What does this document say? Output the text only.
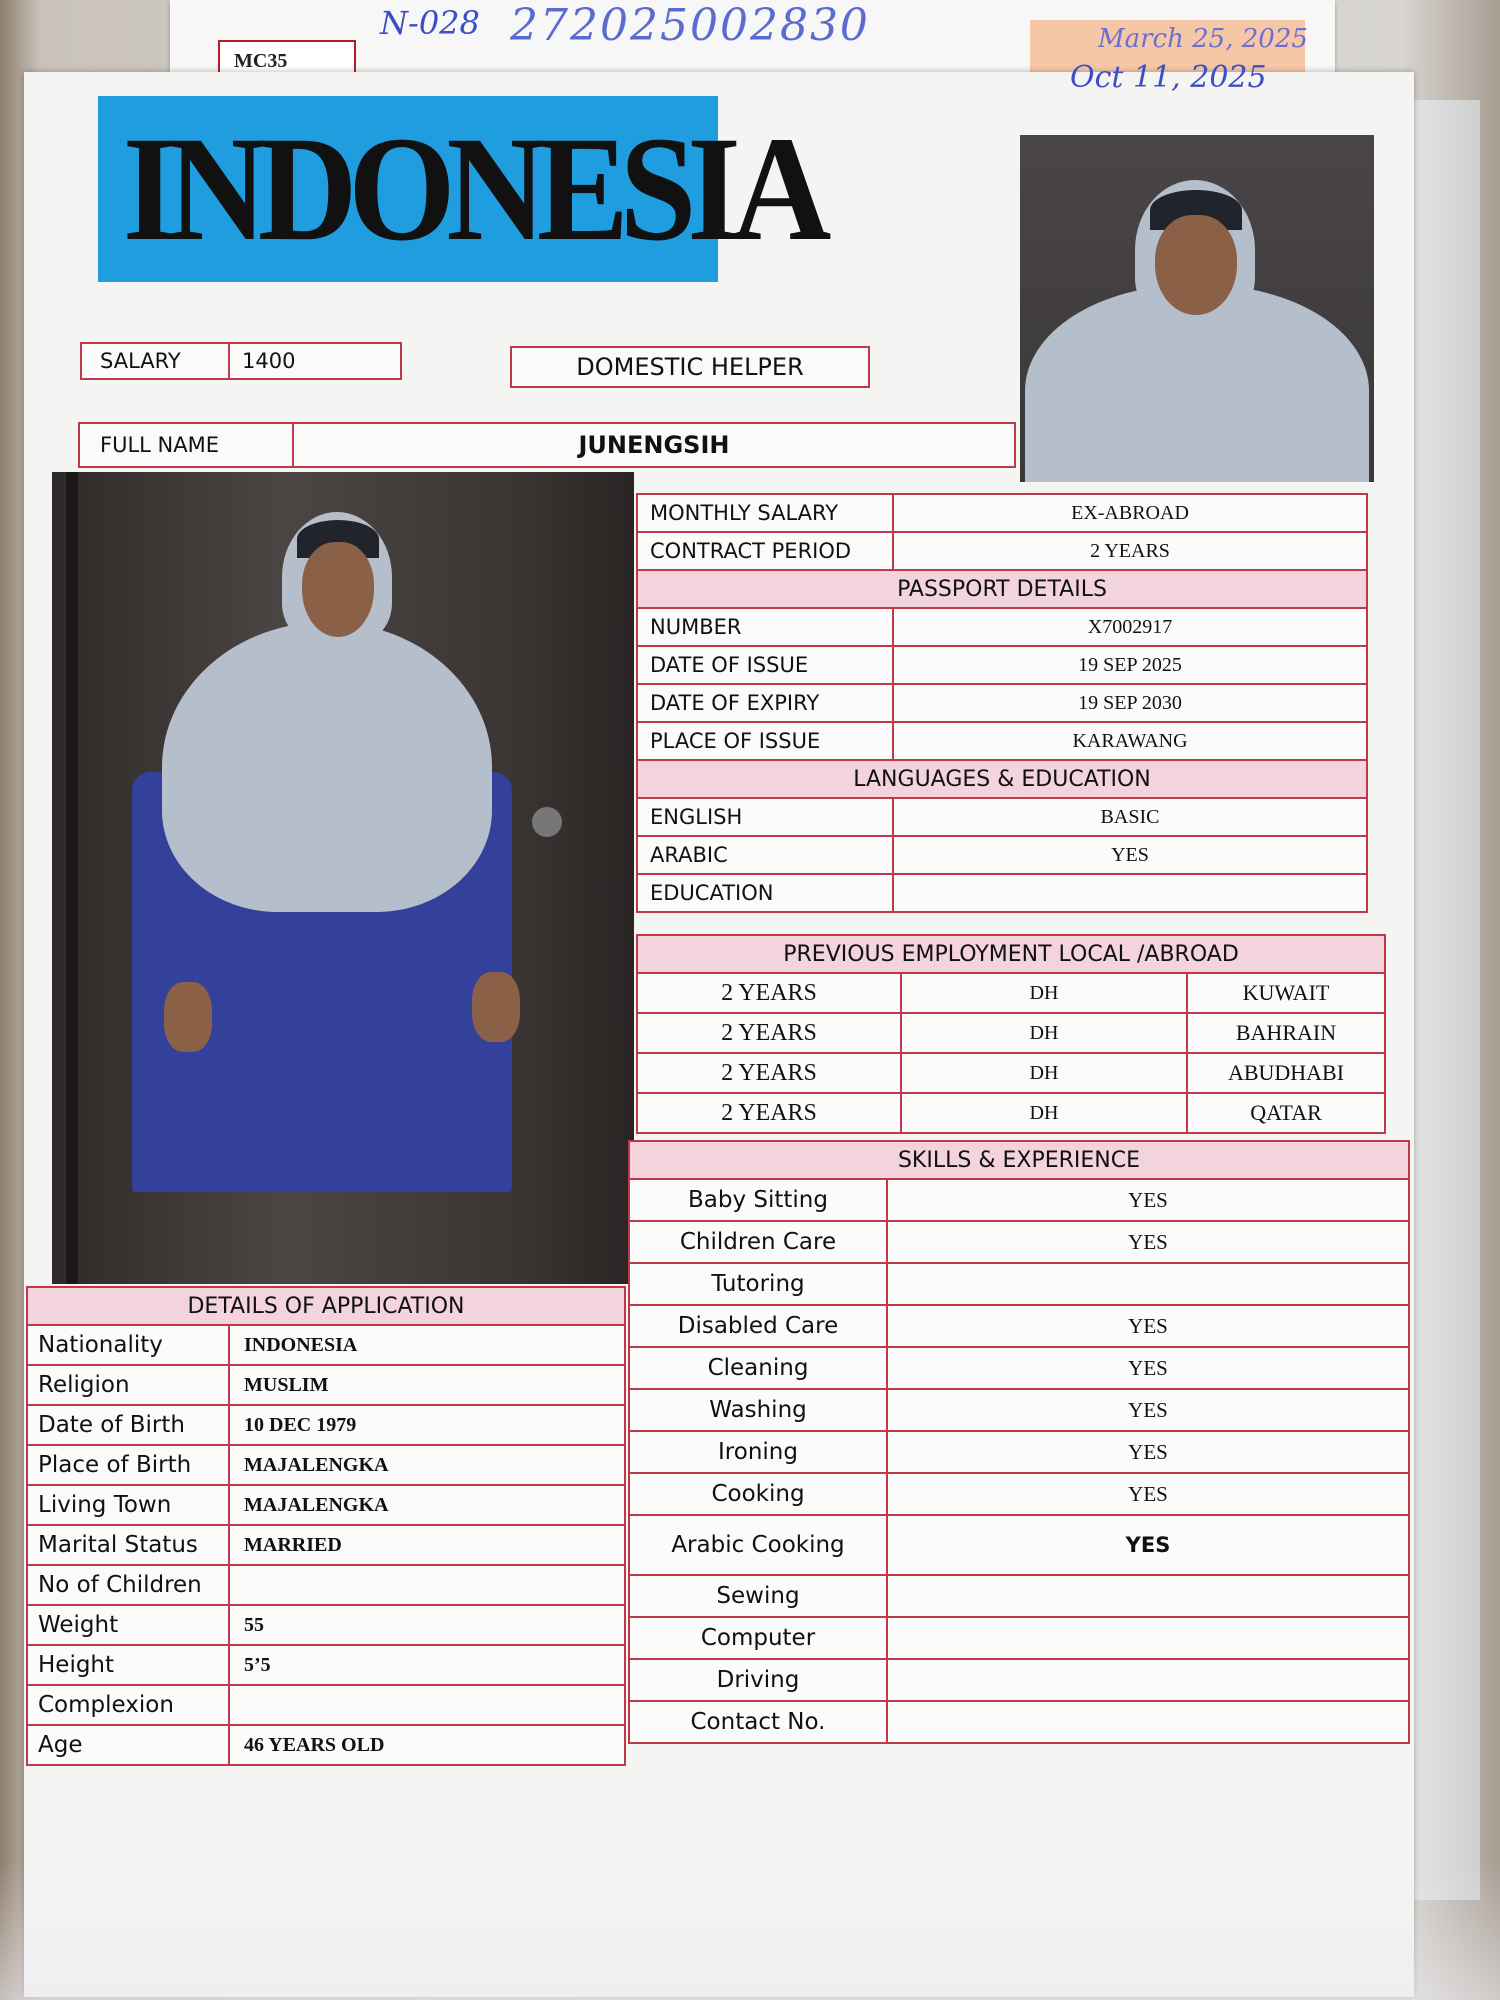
MC35
N-028 272025002830	March 25, 2025
Oct 11, 2025
INDONESIA
SALARY	1400	DOMESTIC HELPER
FULL NAME	JUNENGSIH
MONTHLY SALARY	EX-ABROAD
CONTRACT PERIOD	2 YEARS
PASSPORT DETAILS	
NUMBER	X7002917
DATE OF ISSUE	19 SEP 2025
DATE OF EXPIRY	19 SEP 2030
PLACE OF ISSUE	KARAWANG
LANGUAGES & EDUCATION	
ENGLISH	BASIC
ARABIC	YES
EDUCATION	
PREVIOUS EMPLOYMENT LOCAL /ABROAD		
2 YEARS	DH	KUWAIT
2 YEARS	DH	BAHRAIN
2 YEARS	DH	ABUDHABI
2 YEARS	DH	QATAR
SKILLS & EXPERIENCE	
Baby Sitting	YES
Children Care	YES
Tutoring	
Disabled Care	YES
Cleaning	YES
Washing	YES
Ironing	YES
Cooking	YES
Arabic Cooking	YES
Sewing	
Computer	
Driving	
Contact No.	
DETAILS OF APPLICATION	
Nationality	INDONESIA
Religion	MUSLIM
Date of Birth	10 DEC 1979
Place of Birth	MAJALENGKA
Living Town	MAJALENGKA
Marital Status	MARRIED
No of Children	
Weight	55
Height	5’5
Complexion	
Age	46 YEARS OLD
